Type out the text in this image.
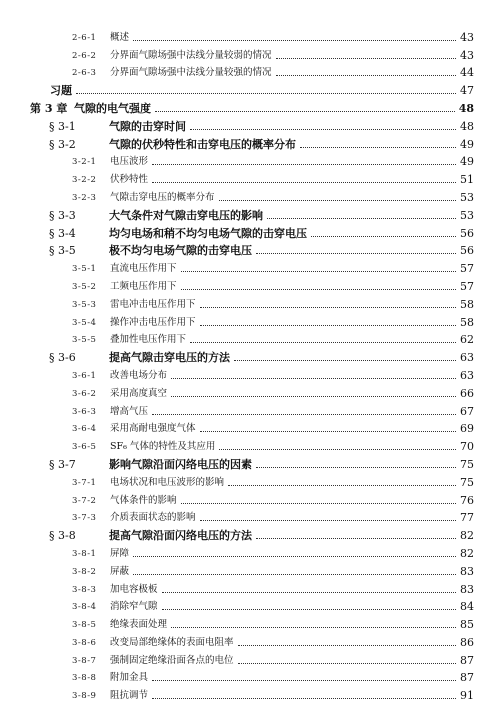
2-6-1	概述	43
2-6-2	分界面气隙场强中法线分量较弱的情况	43
2-6-3	分界面气隙场强中法线分量较强的情况	44
习题	47
第 3 章 气隙的电气强度	48
§ 3-1	气隙的击穿时间	48
§ 3-2	气隙的伏秒特性和击穿电压的概率分布	49
3-2-1	电压波形	49
3-2-2	伏秒特性	51
3-2-3	气隙击穿电压的概率分布	53
§ 3-3	大气条件对气隙击穿电压的影响	53
§ 3-4	均匀电场和稍不均匀电场气隙的击穿电压	56
§ 3-5	极不均匀电场气隙的击穿电压	56
3-5-1	直流电压作用下	57
3-5-2	工频电压作用下	57
3-5-3	雷电冲击电压作用下	58
3-5-4	操作冲击电压作用下	58
3-5-5	叠加性电压作用下	62
§ 3-6	提高气隙击穿电压的方法	63
3-6-1	改善电场分布	63
3-6-2	采用高度真空	66
3-6-3	增高气压	67
3-6-4	采用高耐电强度气体	69
3-6-5	SF₆ 气体的特性及其应用	70
§ 3-7	影响气隙沿面闪络电压的因素	75
3-7-1	电场状况和电压波形的影响	75
3-7-2	气体条件的影响	76
3-7-3	介质表面状态的影响	77
§ 3-8	提高气隙沿面闪络电压的方法	82
3-8-1	屏障	82
3-8-2	屏蔽	83
3-8-3	加电容极板	83
3-8-4	消除窄气隙	84
3-8-5	绝缘表面处理	85
3-8-6	改变局部绝缘体的表面电阻率	86
3-8-7	强制固定绝缘沿面各点的电位	87
3-8-8	附加金具	87
3-8-9	阻抗调节	91
